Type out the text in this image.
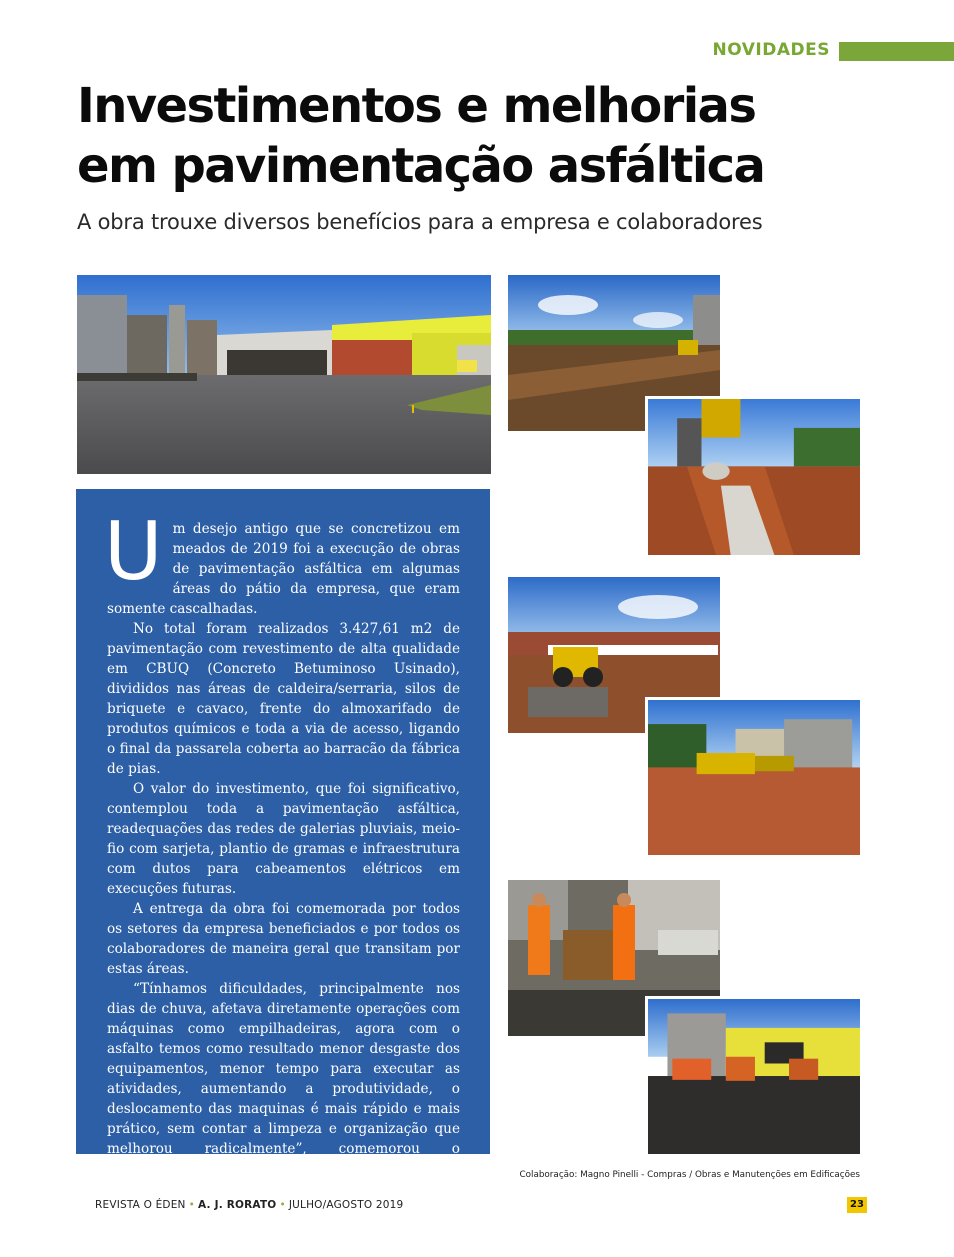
NOVIDADES
Investimentos e melhorias
em pavimentação asfáltica
A obra trouxe diversos benefícios para a empresa e colaboradores

Um desejo antigo que se concretizou em meados de 2019 foi a execução de obras de pavimentação asfáltica em algumas áreas do pátio da empresa, que eram somente cascalhadas.

No total foram realizados 3.427,61 m2 de pavimentação com revestimento de alta qualidade em CBUQ (Concreto Betuminoso Usinado), divididos nas áreas de caldeira/serraria, silos de briquete e cavaco, frente do almoxarifado de produtos químicos e toda a via de acesso, ligando o final da passarela coberta ao barracão da fábrica de pias.

O valor do investimento, que foi significativo, contemplou toda a pavimentação asfáltica, readequações das redes de galerias pluviais, meio-fio com sarjeta, plantio de gramas e infraestrutura com dutos para cabeamentos elétricos em execuções futuras.

A entrega da obra foi comemorada por todos os setores da empresa beneficiados e por todos os colaboradores de maneira geral que transitam por estas áreas.

“Tínhamos dificuldades, principalmente nos dias de chuva, afetava diretamente operações com máquinas como empilhadeiras, agora com o asfalto temos como resultado menor desgaste dos equipamentos, menor tempo para executar as atividades, aumentando a produtividade, o deslocamento das maquinas é mais rápido e mais prático, sem contar a limpeza e organização que melhorou radicalmente”, comemorou o colaborador que é líder do setor de serraria Rodrigo Gavazzoni Fanti.

Colaboração: Magno Pinelli - Compras / Obras e Manutenções em Edificações
REVISTA O ÉDEN • A. J. RORATO • JULHO/AGOSTO 2019	23
